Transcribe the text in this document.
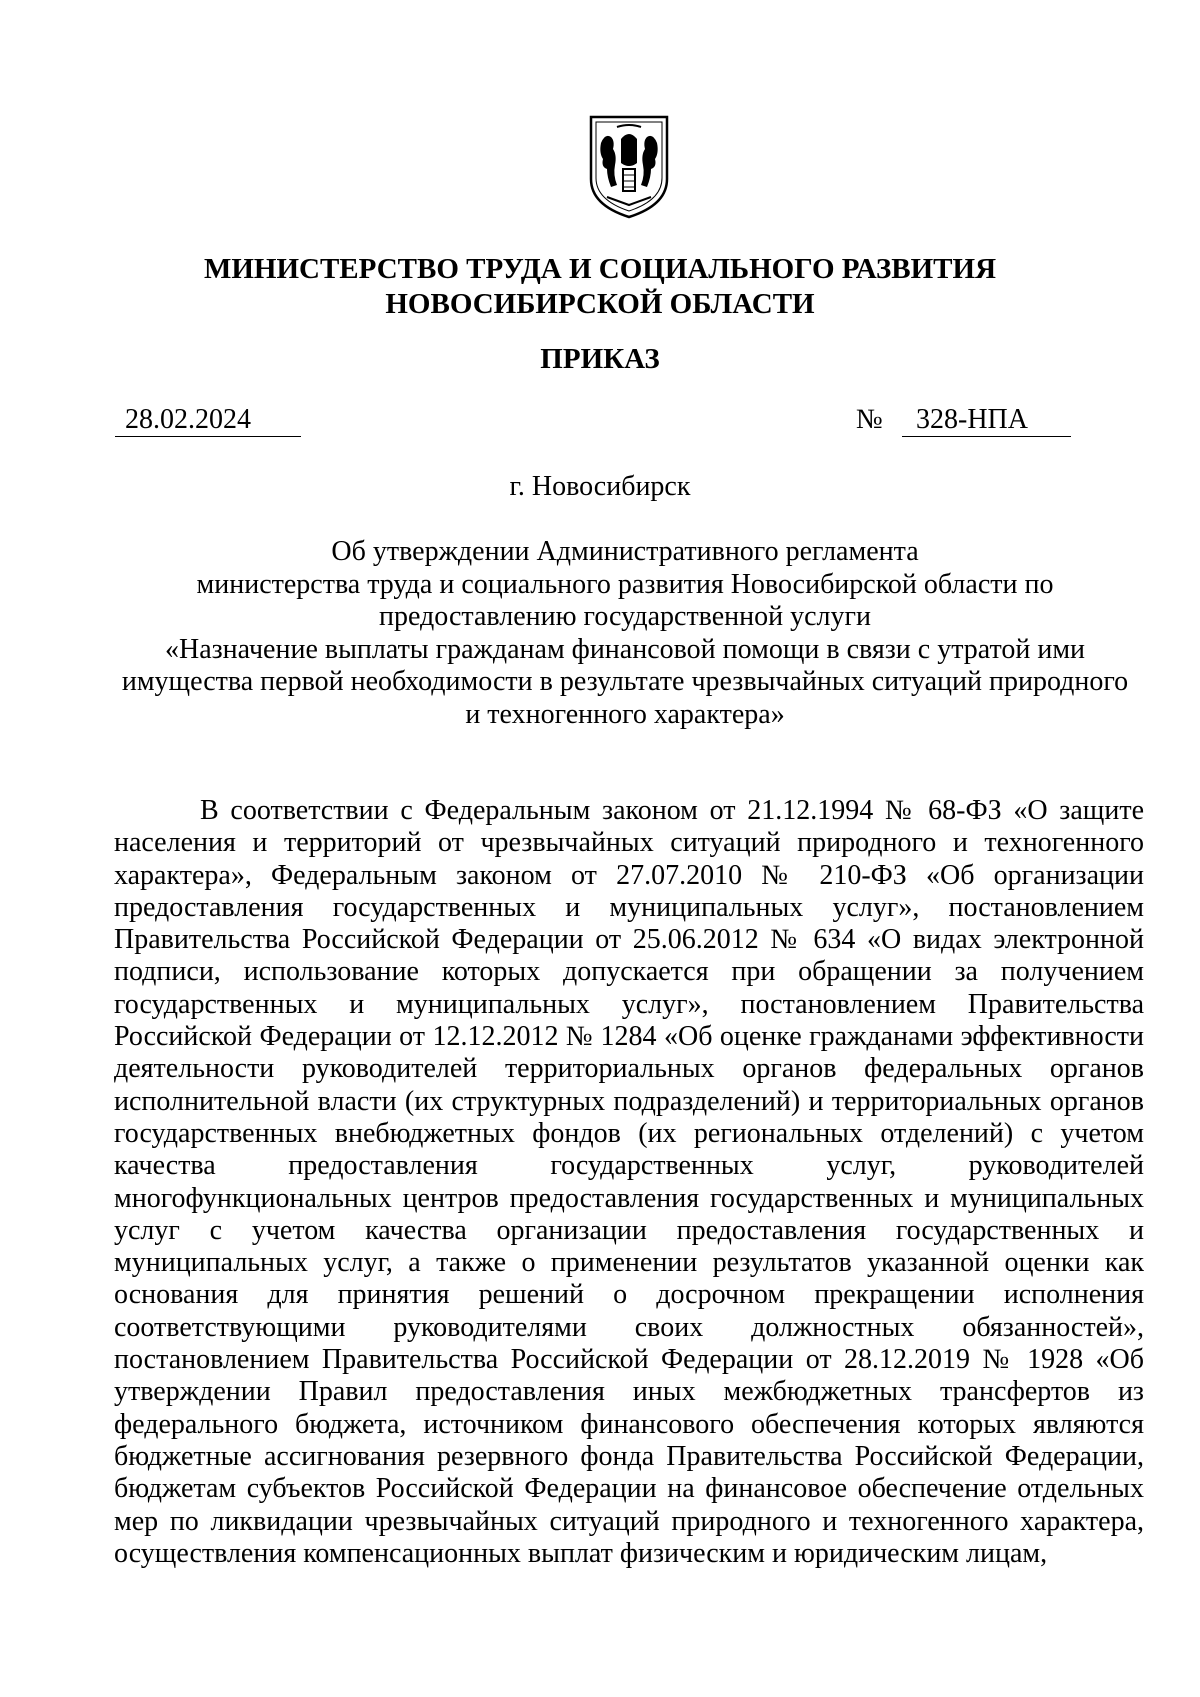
МИНИСТЕРСТВО ТРУДА И СОЦИАЛЬНОГО РАЗВИТИЯ
НОВОСИБИРСКОЙ ОБЛАСТИ
ПРИКАЗ
28.02.2024	№	328-НПА
г. Новосибирск
Об утверждении Административного регламента
министерства труда и социального развития Новосибирской области по
предоставлению государственной услуги
«Назначение выплаты гражданам финансовой помощи в связи с утратой ими
имущества первой необходимости в результате чрезвычайных ситуаций природного
и техногенного характера»

В соответствии с Федеральным законом от 21.12.1994 № 68-ФЗ «О защите населения и территорий от чрезвычайных ситуаций природного и техногенного характера», Федеральным законом от 27.07.2010 № 210-ФЗ «Об организации предоставления государственных и муниципальных услуг», постановлением Правительства Российской Федерации от 25.06.2012 № 634 «О видах электронной подписи, использование которых допускается при обращении за получением государственных и муниципальных услуг», постановлением Правительства Российской Федерации от 12.12.2012 № 1284 «Об оценке гражданами эффективности деятельности руководителей территориальных органов федеральных органов исполнительной власти (их структурных подразделений) и территориальных органов государственных внебюджетных фондов (их региональных отделений) с учетом качества предоставления государственных услуг, руководителей многофункциональных центров предоставления государственных и муниципальных услуг с учетом качества организации предоставления государственных и муниципальных услуг, а также о применении результатов указанной оценки как основания для принятия решений о досрочном прекращении исполнения соответствующими руководителями своих должностных обязанностей», постановлением Правительства Российской Федерации от 28.12.2019 № 1928 «Об утверждении Правил предоставления иных межбюджетных трансфертов из федерального бюджета, источником финансового обеспечения которых являются бюджетные ассигнования резервного фонда Правительства Российской Федерации, бюджетам субъектов Российской Федерации на финансовое обеспечение отдельных мер по ликвидации чрезвычайных ситуаций природного и техногенного характера, осуществления компенсационных выплат физическим и юридическим лицам,
